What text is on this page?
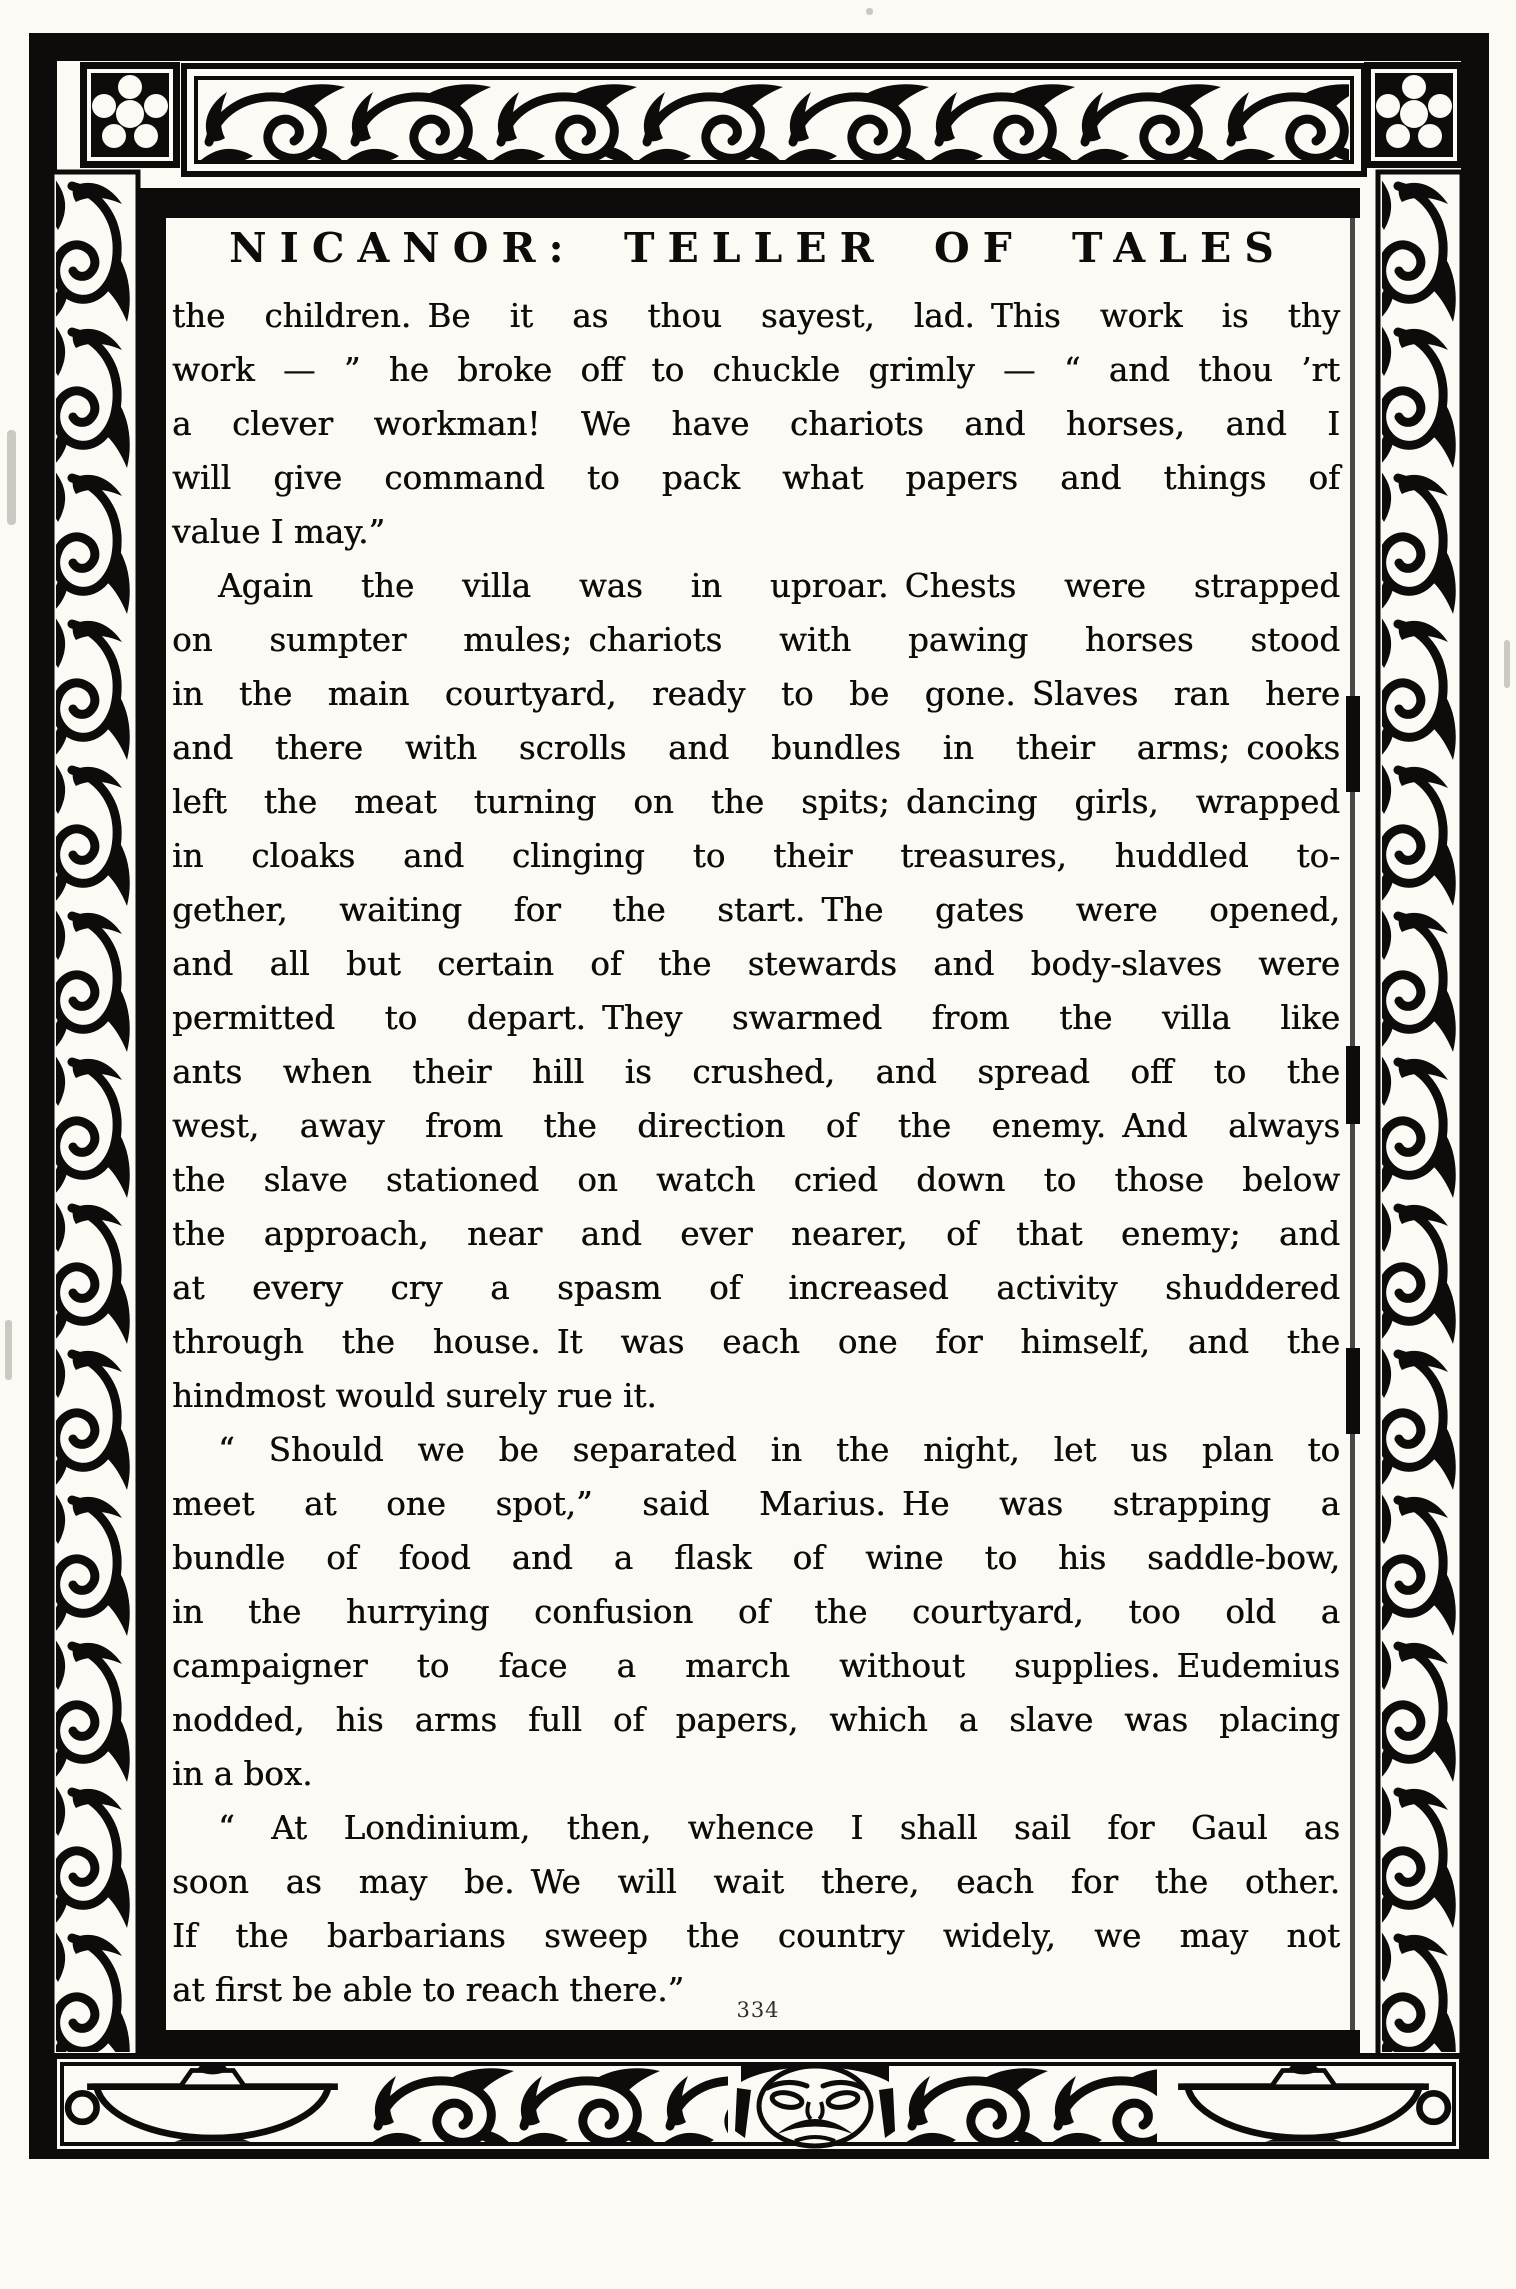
NICANOR: TELLER OF TALES
the children. Be it as thou sayest, lad. This work is thy
work — ” he broke off to chuckle grimly — “ and thou ’rt
a clever workman! We have chariots and horses, and I
will give command to pack what papers and things of
value I may.”
Again the villa was in uproar. Chests were strapped
on sumpter mules; chariots with pawing horses stood
in the main courtyard, ready to be gone. Slaves ran here
and there with scrolls and bundles in their arms; cooks
left the meat turning on the spits; dancing girls, wrapped
in cloaks and clinging to their treasures, huddled to-
gether, waiting for the start. The gates were opened,
and all but certain of the stewards and body-slaves were
permitted to depart. They swarmed from the villa like
ants when their hill is crushed, and spread off to the
west, away from the direction of the enemy. And always
the slave stationed on watch cried down to those below
the approach, near and ever nearer, of that enemy; and
at every cry a spasm of increased activity shuddered
through the house. It was each one for himself, and the
hindmost would surely rue it.
“ Should we be separated in the night, let us plan to
meet at one spot,” said Marius. He was strapping a
bundle of food and a flask of wine to his saddle-bow,
in the hurrying confusion of the courtyard, too old a
campaigner to face a march without supplies. Eudemius
nodded, his arms full of papers, which a slave was placing
in a box.
“ At Londinium, then, whence I shall sail for Gaul as
soon as may be. We will wait there, each for the other.
If the barbarians sweep the country widely, we may not
at first be able to reach there.”
334
